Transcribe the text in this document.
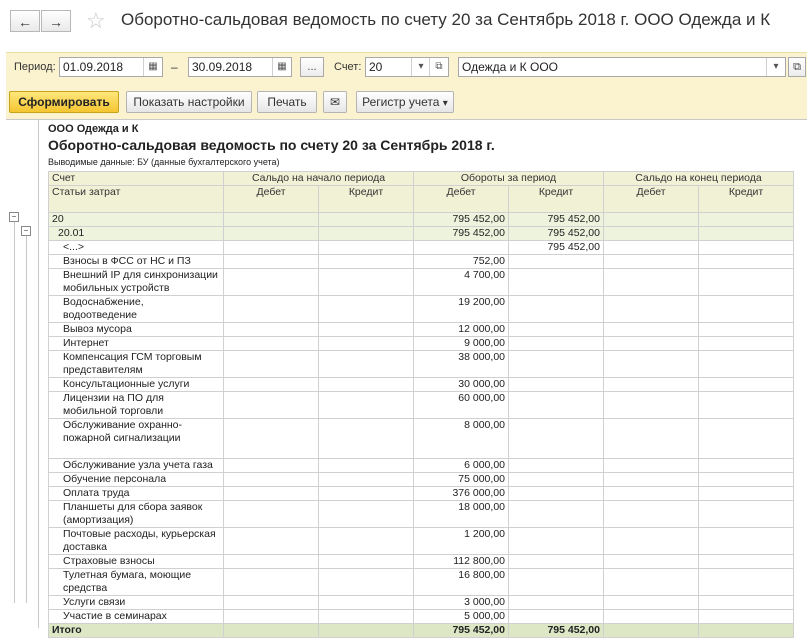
←	→	☆ Оборотно-сальдовая ведомость по счету 20 за Сентябрь 2018 г. ООО Одежда и К
Период: 01.09.2018	▦	–	30.09.2018	▦	...	Счет: 20	▾	⧉	Одежда и К ООО	▾	⧉
Сформировать	Показать настройки	Печать	✉	Регистр учета ▾
−
−
ООО Одежда и К
Оборотно-сальдовая ведомость по счету 20 за Сентябрь 2018 г.
Выводимые данные: БУ (данные бухгалтерского учета)
Счет	Сальдо на начало периода		Обороты за период		Сальдо на конец периода	
Статьи затрат	Дебет	Кредит	Дебет	Кредит	Дебет	Кредит
20			795 452,00	795 452,00		
20.01			795 452,00	795 452,00		
<...>				795 452,00		
Взносы в ФСС от НС и ПЗ			752,00			
Внешний IP для синхронизации мобильных устройств			4 700,00			
Водоснабжение, водоотведение			19 200,00			
Вывоз мусора			12 000,00			
Интернет			9 000,00			
Компенсация ГСМ торговым представителям			38 000,00			
Консультационные услуги			30 000,00			
Лицензии на ПО для мобильной торговли			60 000,00			
Обслуживание охранно-пожарной сигнализации			8 000,00			
Обслуживание узла учета газа			6 000,00			
Обучение персонала			75 000,00			
Оплата труда			376 000,00			
Планшеты для сбора заявок (амортизация)			18 000,00			
Почтовые расходы, курьерская доставка			1 200,00			
Страховые взносы			112 800,00			
Тулетная бумага, моющие средства			16 800,00			
Услуги связи			3 000,00			
Участие в семинарах			5 000,00			
Итого			795 452,00	795 452,00		
